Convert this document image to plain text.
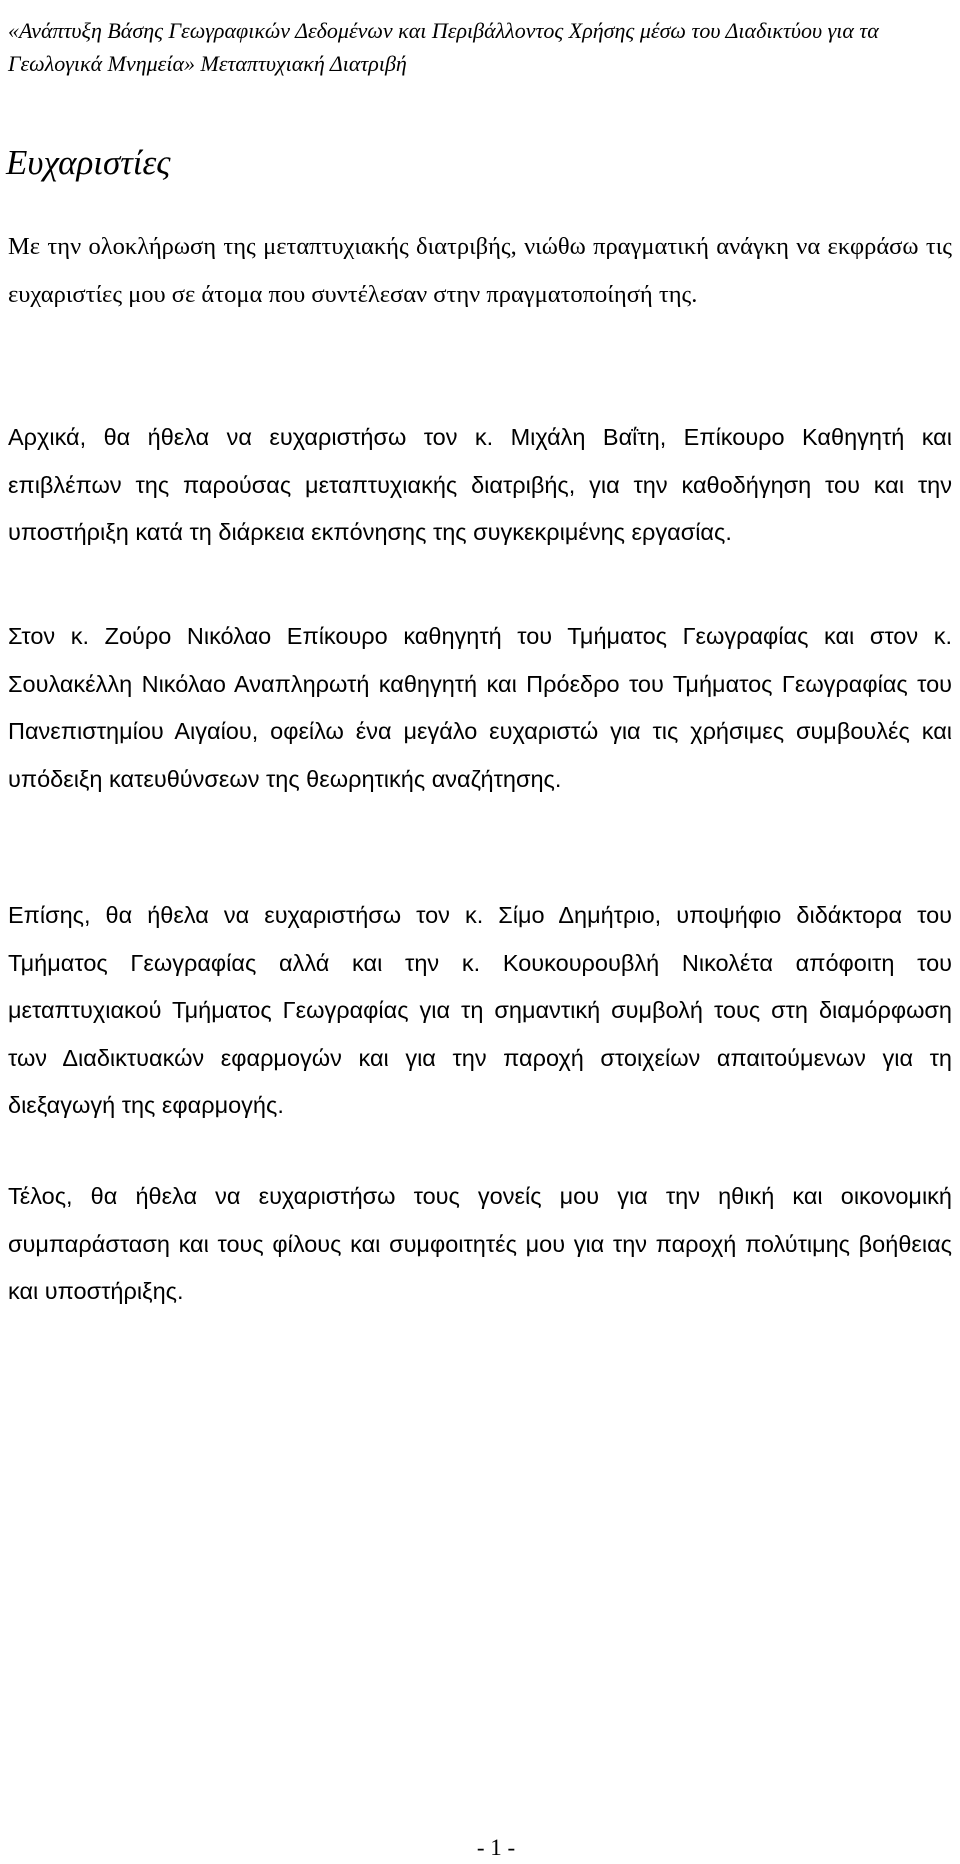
«Ανάπτυξη Βάσης Γεωγραφικών Δεδομένων και Περιβάλλοντος Χρήσης μέσω του Διαδικτύου για τα Γεωλογικά Μνημεία» Μεταπτυχιακή Διατριβή
Ευχαριστίες
Με την ολοκλήρωση της μεταπτυχιακής διατριβής, νιώθω πραγματική ανάγκη να εκφράσω τις ευχαριστίες μου σε άτομα που συντέλεσαν στην πραγματοποίησή της.
Αρχικά, θα ήθελα να ευχαριστήσω τον κ. Μιχάλη Βαΐτη, Επίκουρο Καθηγητή και επιβλέπων της παρούσας μεταπτυχιακής διατριβής, για την καθοδήγηση του και την υποστήριξη κατά τη διάρκεια εκπόνησης της συγκεκριμένης εργασίας.
Στον κ. Ζούρο Νικόλαο Επίκουρο καθηγητή του Τμήματος Γεωγραφίας και στον κ. Σουλακέλλη Νικόλαο Αναπληρωτή καθηγητή και Πρόεδρο του Τμήματος Γεωγραφίας του Πανεπιστημίου Αιγαίου, οφείλω ένα μεγάλο ευχαριστώ για τις χρήσιμες συμβουλές και υπόδειξη κατευθύνσεων της θεωρητικής αναζήτησης.
Επίσης, θα ήθελα να ευχαριστήσω τον κ. Σίμο Δημήτριο, υποψήφιο διδάκτορα του Τμήματος Γεωγραφίας αλλά και την κ. Κουκουρουβλή Νικολέτα απόφοιτη του μεταπτυχιακού Τμήματος Γεωγραφίας για τη σημαντική συμβολή τους στη διαμόρφωση των Διαδικτυακών εφαρμογών και για την παροχή στοιχείων απαιτούμενων για τη διεξαγωγή της εφαρμογής.
Τέλος, θα ήθελα να ευχαριστήσω τους γονείς μου για την ηθική και οικονομική συμπαράσταση και τους φίλους και συμφοιτητές μου για την παροχή πολύτιμης βοήθειας και υποστήριξης.
- 1 -
